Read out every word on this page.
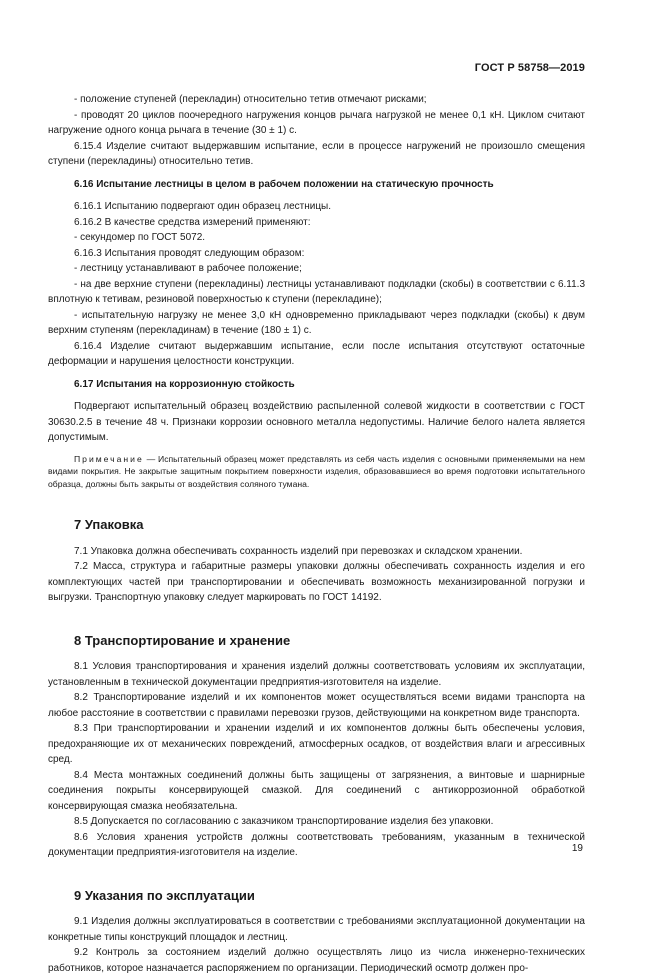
ГОСТ Р 58758—2019

- положение ступеней (перекладин) относительно тетив отмечают рисками;

- проводят 20 циклов поочередного нагружения концов рычага нагрузкой не менее 0,1 кН. Циклом считают нагружение одного конца рычага в течение (30 ± 1) с.

6.15.4 Изделие считают выдержавшим испытание, если в процессе нагружений не произошло смещения ступени (перекладины) относительно тетив.

6.16 Испытание лестницы в целом в рабочем положении на статическую прочность

6.16.1 Испытанию подвергают один образец лестницы.

6.16.2 В качестве средства измерений применяют:

- секундомер по ГОСТ 5072.

6.16.3 Испытания проводят следующим образом:

- лестницу устанавливают в рабочее положение;

- на две верхние ступени (перекладины) лестницы устанавливают подкладки (скобы) в соответствии с 6.11.3 вплотную к тетивам, резиновой поверхностью к ступени (перекладине);

- испытательную нагрузку не менее 3,0 кН одновременно прикладывают через подкладки (скобы) к двум верхним ступеням (перекладинам) в течение (180 ± 1) с.

6.16.4 Изделие считают выдержавшим испытание, если после испытания отсутствуют остаточные деформации и нарушения целостности конструкции.

6.17 Испытания на коррозионную стойкость

Подвергают испытательный образец воздействию распыленной солевой жидкости в соответствии с ГОСТ 30630.2.5 в течение 48 ч. Признаки коррозии основного металла недопустимы. Наличие белого налета является допустимым.

Примечание — Испытательный образец может представлять из себя часть изделия с основными применяемыми на нем видами покрытия. Не закрытые защитным покрытием поверхности изделия, образовавшиеся во время подготовки испытательного образца, должны быть закрыты от воздействия соляного тумана.

7 Упаковка

7.1 Упаковка должна обеспечивать сохранность изделий при перевозках и складском хранении.

7.2 Масса, структура и габаритные размеры упаковки должны обеспечивать сохранность изделия и его комплектующих частей при транспортировании и обеспечивать возможность механизированной погрузки и выгрузки. Транспортную упаковку следует маркировать по ГОСТ 14192.

8 Транспортирование и хранение

8.1 Условия транспортирования и хранения изделий должны соответствовать условиям их эксплуатации, установленным в технической документации предприятия-изготовителя на изделие.

8.2 Транспортирование изделий и их компонентов может осуществляться всеми видами транспорта на любое расстояние в соответствии с правилами перевозки грузов, действующими на конкретном виде транспорта.

8.3 При транспортировании и хранении изделий и их компонентов должны быть обеспечены условия, предохраняющие их от механических повреждений, атмосферных осадков, от воздействия влаги и агрессивных сред.

8.4 Места монтажных соединений должны быть защищены от загрязнения, а винтовые и шарнирные соединения покрыты консервирующей смазкой. Для соединений с антикоррозионной обработкой консервирующая смазка необязательна.

8.5 Допускается по согласованию с заказчиком транспортирование изделия без упаковки.

8.6 Условия хранения устройств должны соответствовать требованиям, указанным в технической документации предприятия-изготовителя на изделие.

9 Указания по эксплуатации

9.1 Изделия должны эксплуатироваться в соответствии с требованиями эксплуатационной документации на конкретные типы конструкций площадок и лестниц.

9.2 Контроль за состоянием изделий должно осуществлять лицо из числа инженерно-технических работников, которое назначается распоряжением по организации. Периодический осмотр должен про-

19
